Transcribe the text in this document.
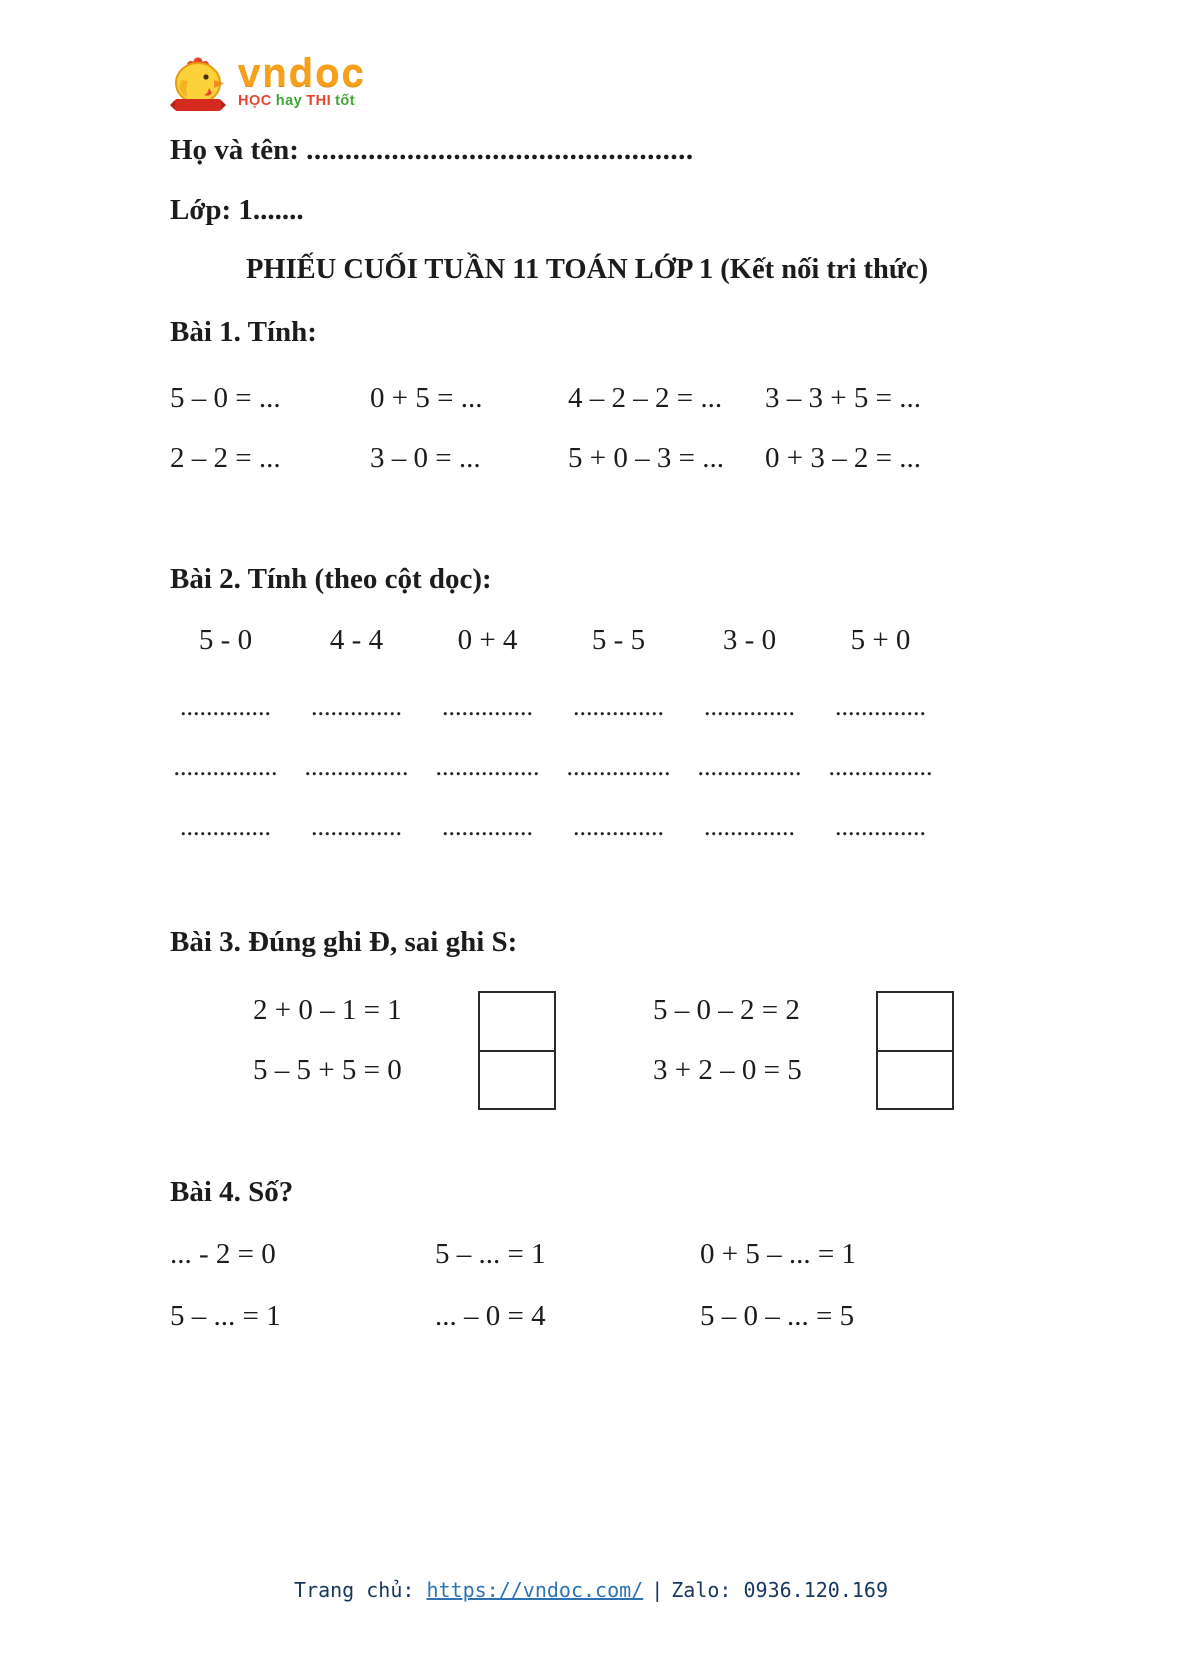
vndoc
HỌC hay THI tốt
Họ và tên: ..................................................
Lớp: 1.......
PHIẾU CUỐI TUẦN 11 TOÁN LỚP 1 (Kết nối tri thức)
Bài 1. Tính:
5 – 0 = ...	0 + 5 = ...	4 – 2 – 2 = ...	3 – 3 + 5 = ...
2 – 2 = ...	3 – 0 = ...	5 + 0 – 3 = ...	0 + 3 – 2 = ...
Bài 2. Tính (theo cột dọc):
5 - 0	4 - 4	0 + 4	5 - 5	3 - 0	5 + 0
..............	..............	..............	..............	..............	..............
................	................	................	................	................	................
..............	..............	..............	..............	..............	..............
Bài 3. Đúng ghi Đ, sai ghi S:
2 + 0 – 1 = 1
5 – 5 + 5 = 0
5 – 0 – 2 = 2
3 + 2 – 0 = 5
Bài 4. Số?
... - 2 = 0	5 – ... = 1	0 + 5 – ... = 1
5 – ... = 1	... – 0 = 4	5 – 0 – ... = 5
Trang chủ: https://vndoc.com/ | Zalo: 0936.120.169
